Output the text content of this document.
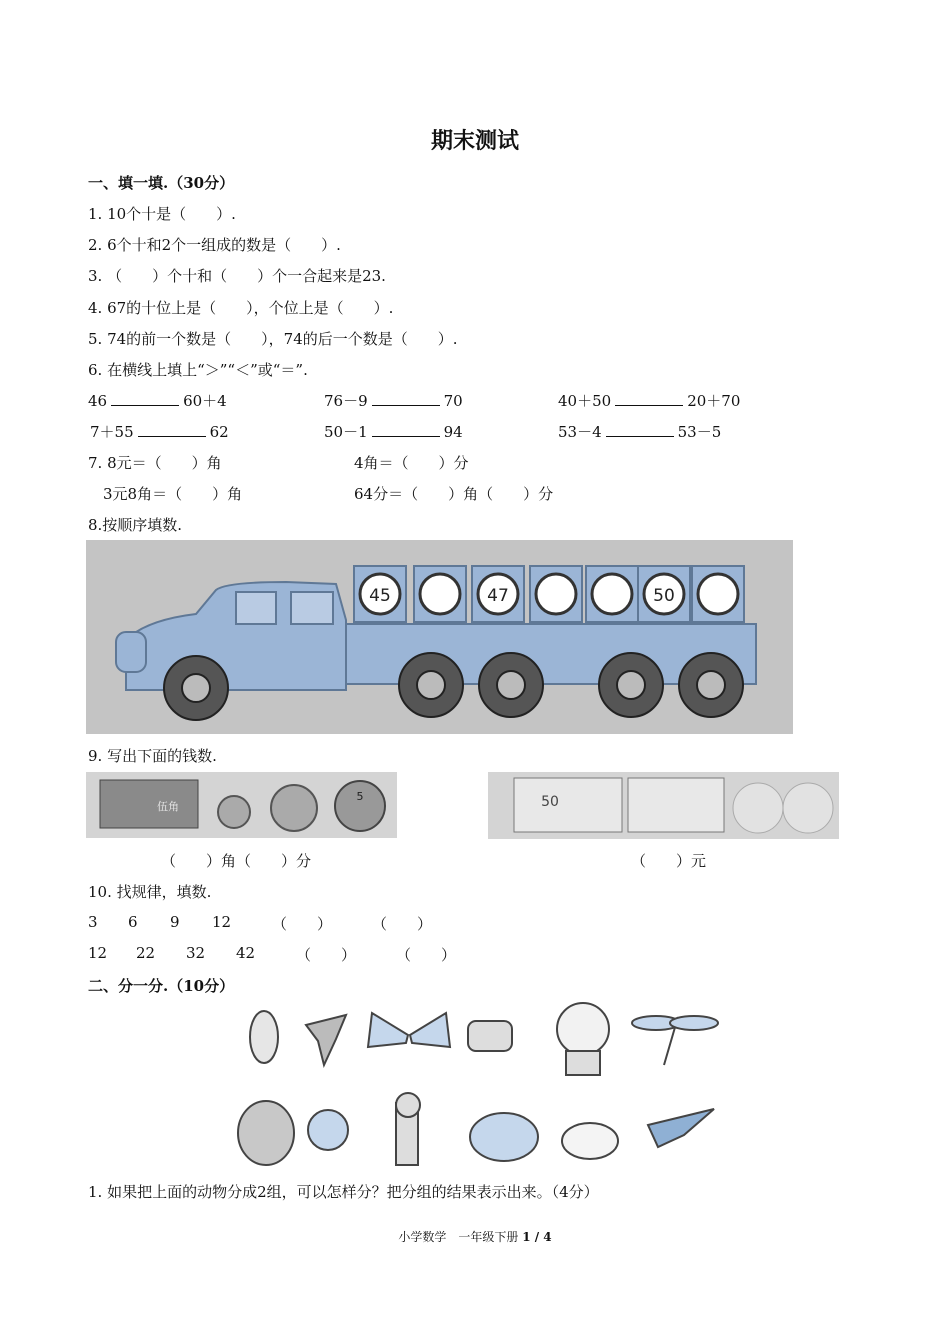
期末测试
一、填一填.（30分）
1. 10个十是（　　）.
2. 6个十和2个一组成的数是（　　）.
3. （　　）个十和（　　）个一合起来是23.
4. 67的十位上是（　　），个位上是（　　）.
5. 74的前一个数是（　　），74的后一个数是（　　）.
6. 在横线上填上“＞”“＜”或“＝”.
46	60＋4	76－9	70	40＋50	20＋70
7＋55	62	50－1	94	53－4	53－5
7. 8元＝（　　）角	4角＝（　　）分
3元8角＝（　　）角	64分＝（　　）角（　　）分
8.按顺序填数.
45	47	50
9. 写出下面的钱数.
伍角
5	50
（　　）角（　　）分	（　　）元
10. 找规律，填数.
3 6 9 12	（　　）	（　　）
12 22 32 42	（　　）	（　　）
二、分一分.（10分）
1. 如果把上面的动物分成2组，可以怎样分？把分组的结果表示出来。（4分）
小学数学　一年级下册 1 / 4
